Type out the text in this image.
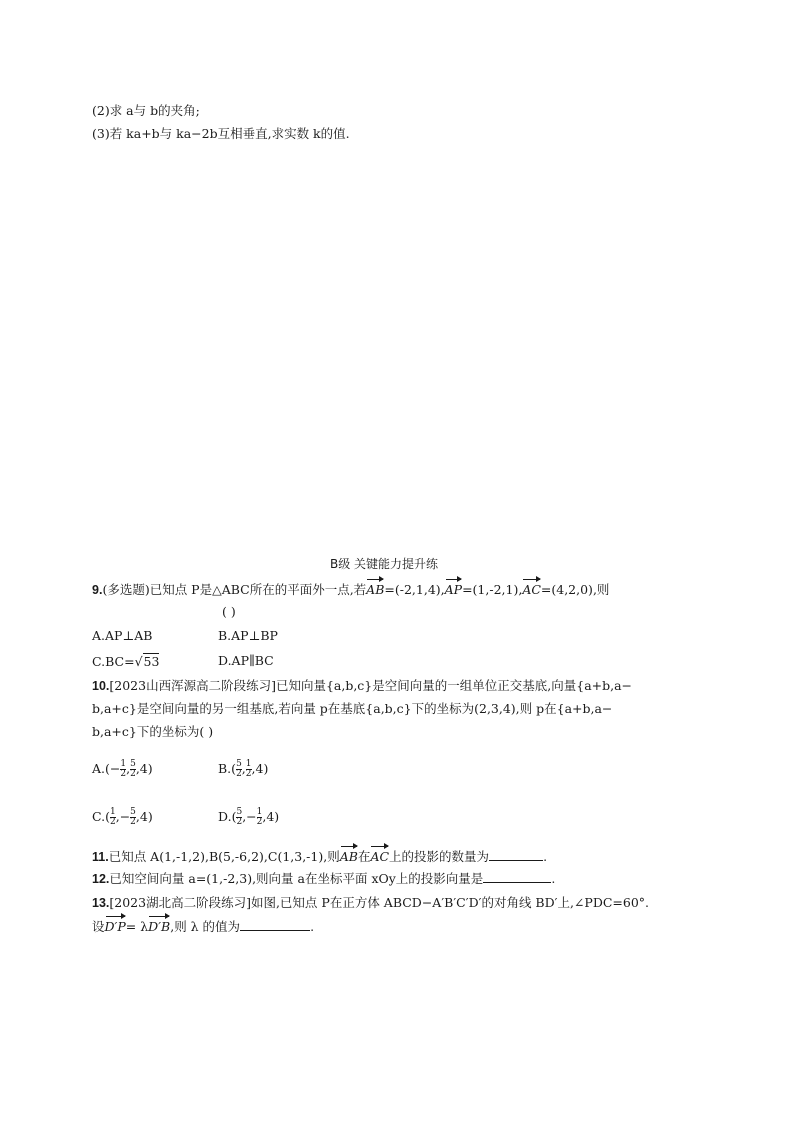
(2)求 a与 b的夹角;
(3)若 ka+b与 ka−2b互相垂直,求实数 k的值.
B级 关键能力提升练
9.(多选题)已知点 P是△ABC所在的平面外一点,若AB=(-2,1,4),AP=(1,-2,1),AC=(4,2,0),则
( )
A.AP⊥AB	B.AP⊥BP
C.BC=√53	D.AP∥BC
10.[2023山西浑源高二阶段练习]已知向量{a,b,c}是空间向量的一组单位正交基底,向量{a+b,a−
b,a+c}是空间向量的另一组基底,若向量 p在基底{a,b,c}下的坐标为(2,3,4),则 p在{a+b,a−
b,a+c}下的坐标为( )
$A.(- \frac{1}{2}$ , $\frac{5}{2} ,4$)	$B.( \frac{5}{2}$ , $\frac{1}{2} ,4$)
$C.( \frac{1}{2}$ ,− $\frac{5}{2} ,4$)	$D.( \frac{5}{2}$ ,− $\frac{1}{2} ,4$)
11.已知点 A(1,-1,2),B(5,-6,2),C(1,3,-1),则AB在AC上的投影的数量为	.
12.已知空间向量 a=(1,-2,3),则向量 a在坐标平面 xOy上的投影向量是	.
13.[2023湖北高二阶段练习]如图,已知点 P在正方体 ABCD−A′B′C′D′的对角线 BD′上,∠PDC=60°.
设D′P= λD′B,则 λ 的值为	.
